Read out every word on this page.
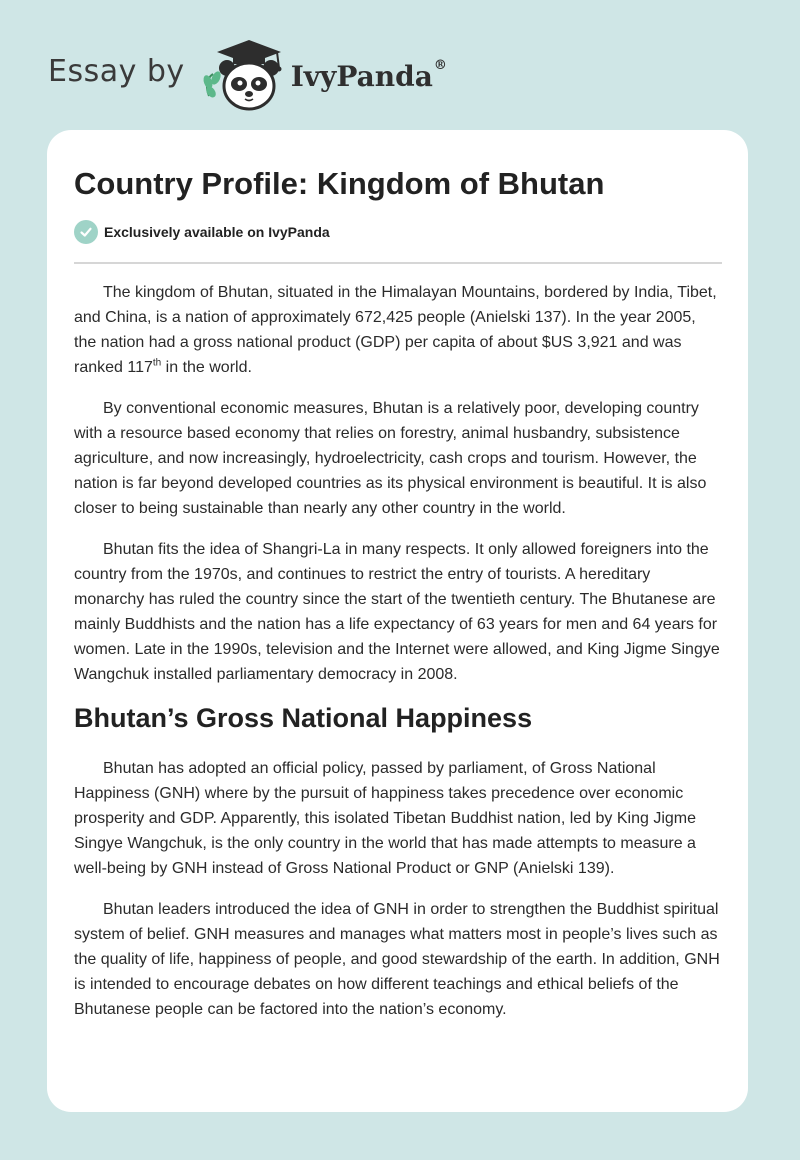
Essay by	IvyPanda®
Country Profile: Kingdom of Bhutan
Exclusively available on IvyPanda

The kingdom of Bhutan, situated in the Himalayan Mountains, bordered by India, Tibet, and China, is a nation of approximately 672,425 people (Anielski 137). In the year 2005, the nation had a gross national product (GDP) per capita of about $US 3,921 and was ranked 117th in the world.

By conventional economic measures, Bhutan is a relatively poor, developing country with a resource based economy that relies on forestry, animal husbandry, subsistence agriculture, and now increasingly, hydroelectricity, cash crops and tourism. However, the nation is far beyond developed countries as its physical environment is beautiful. It is also closer to being sustainable than nearly any other country in the world.

Bhutan fits the idea of Shangri-La in many respects. It only allowed foreigners into the country from the 1970s, and continues to restrict the entry of tourists. A hereditary monarchy has ruled the country since the start of the twentieth century. The Bhutanese are mainly Buddhists and the nation has a life expectancy of 63 years for men and 64 years for women. Late in the 1990s, television and the Internet were allowed, and King Jigme Singye Wangchuk installed parliamentary democracy in 2008.

Bhutan’s Gross National Happiness

Bhutan has adopted an official policy, passed by parliament, of Gross National Happiness (GNH) where by the pursuit of happiness takes precedence over economic prosperity and GDP. Apparently, this isolated Tibetan Buddhist nation, led by King Jigme Singye Wangchuk, is the only country in the world that has made attempts to measure a well-being by GNH instead of Gross National Product or GNP (Anielski 139).

Bhutan leaders introduced the idea of GNH in order to strengthen the Buddhist spiritual system of belief. GNH measures and manages what matters most in people’s lives such as the quality of life, happiness of people, and good stewardship of the earth. In addition, GNH is intended to encourage debates on how different teachings and ethical beliefs of the Bhutanese people can be factored into the nation’s economy.
